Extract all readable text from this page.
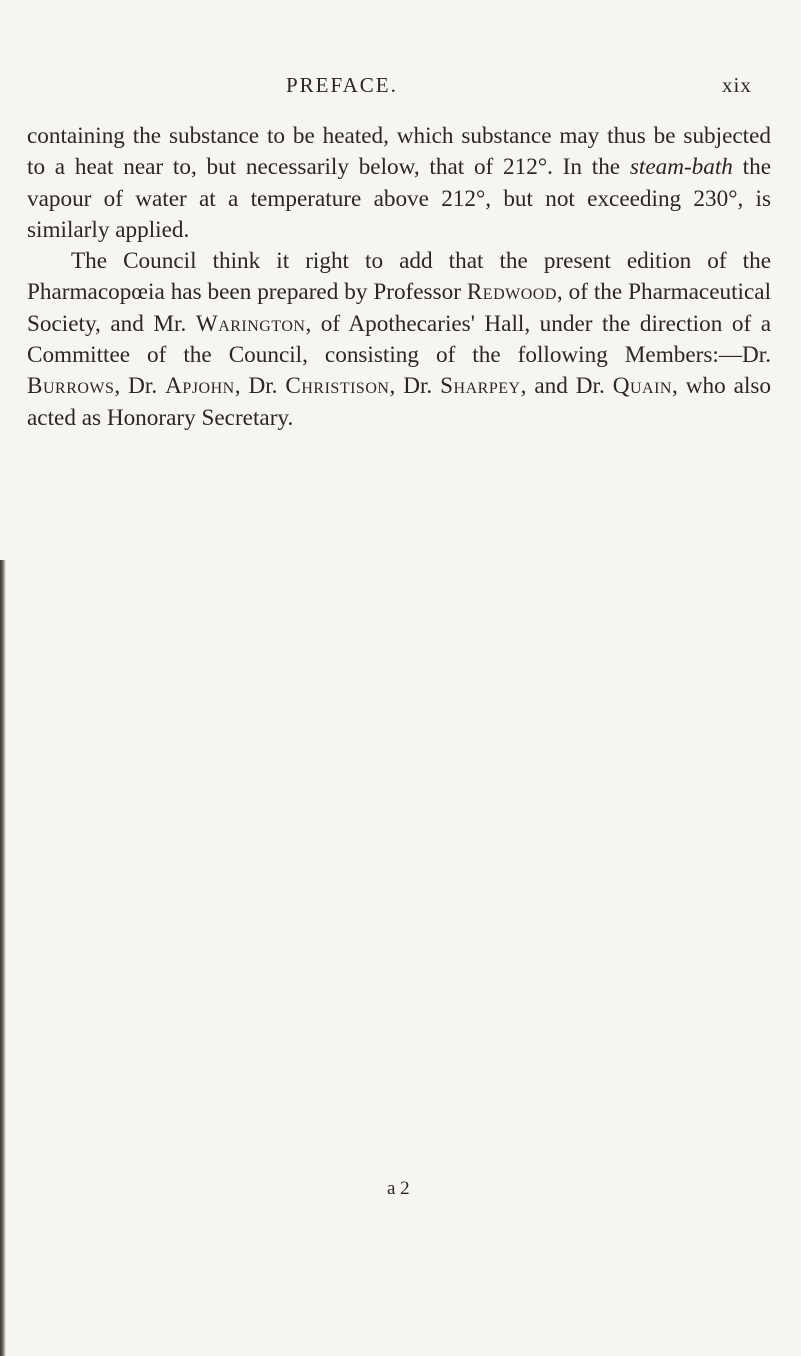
PREFACE.	xix

containing the substance to be heated, which substance may thus be subjected to a heat near to, but necessarily below, that of 212°. In the steam-bath the vapour of water at a temperature above 212°, but not exceeding 230°, is similarly applied.

The Council think it right to add that the present edition of the Pharmacopœia has been prepared by Professor Redwood, of the Pharmaceutical Society, and Mr. Warington, of Apothecaries' Hall, under the direction of a Committee of the Council, consisting of the following Members:—Dr. Burrows, Dr. Apjohn, Dr. Christison, Dr. Sharpey, and Dr. Quain, who also acted as Honorary Secretary.

a 2
